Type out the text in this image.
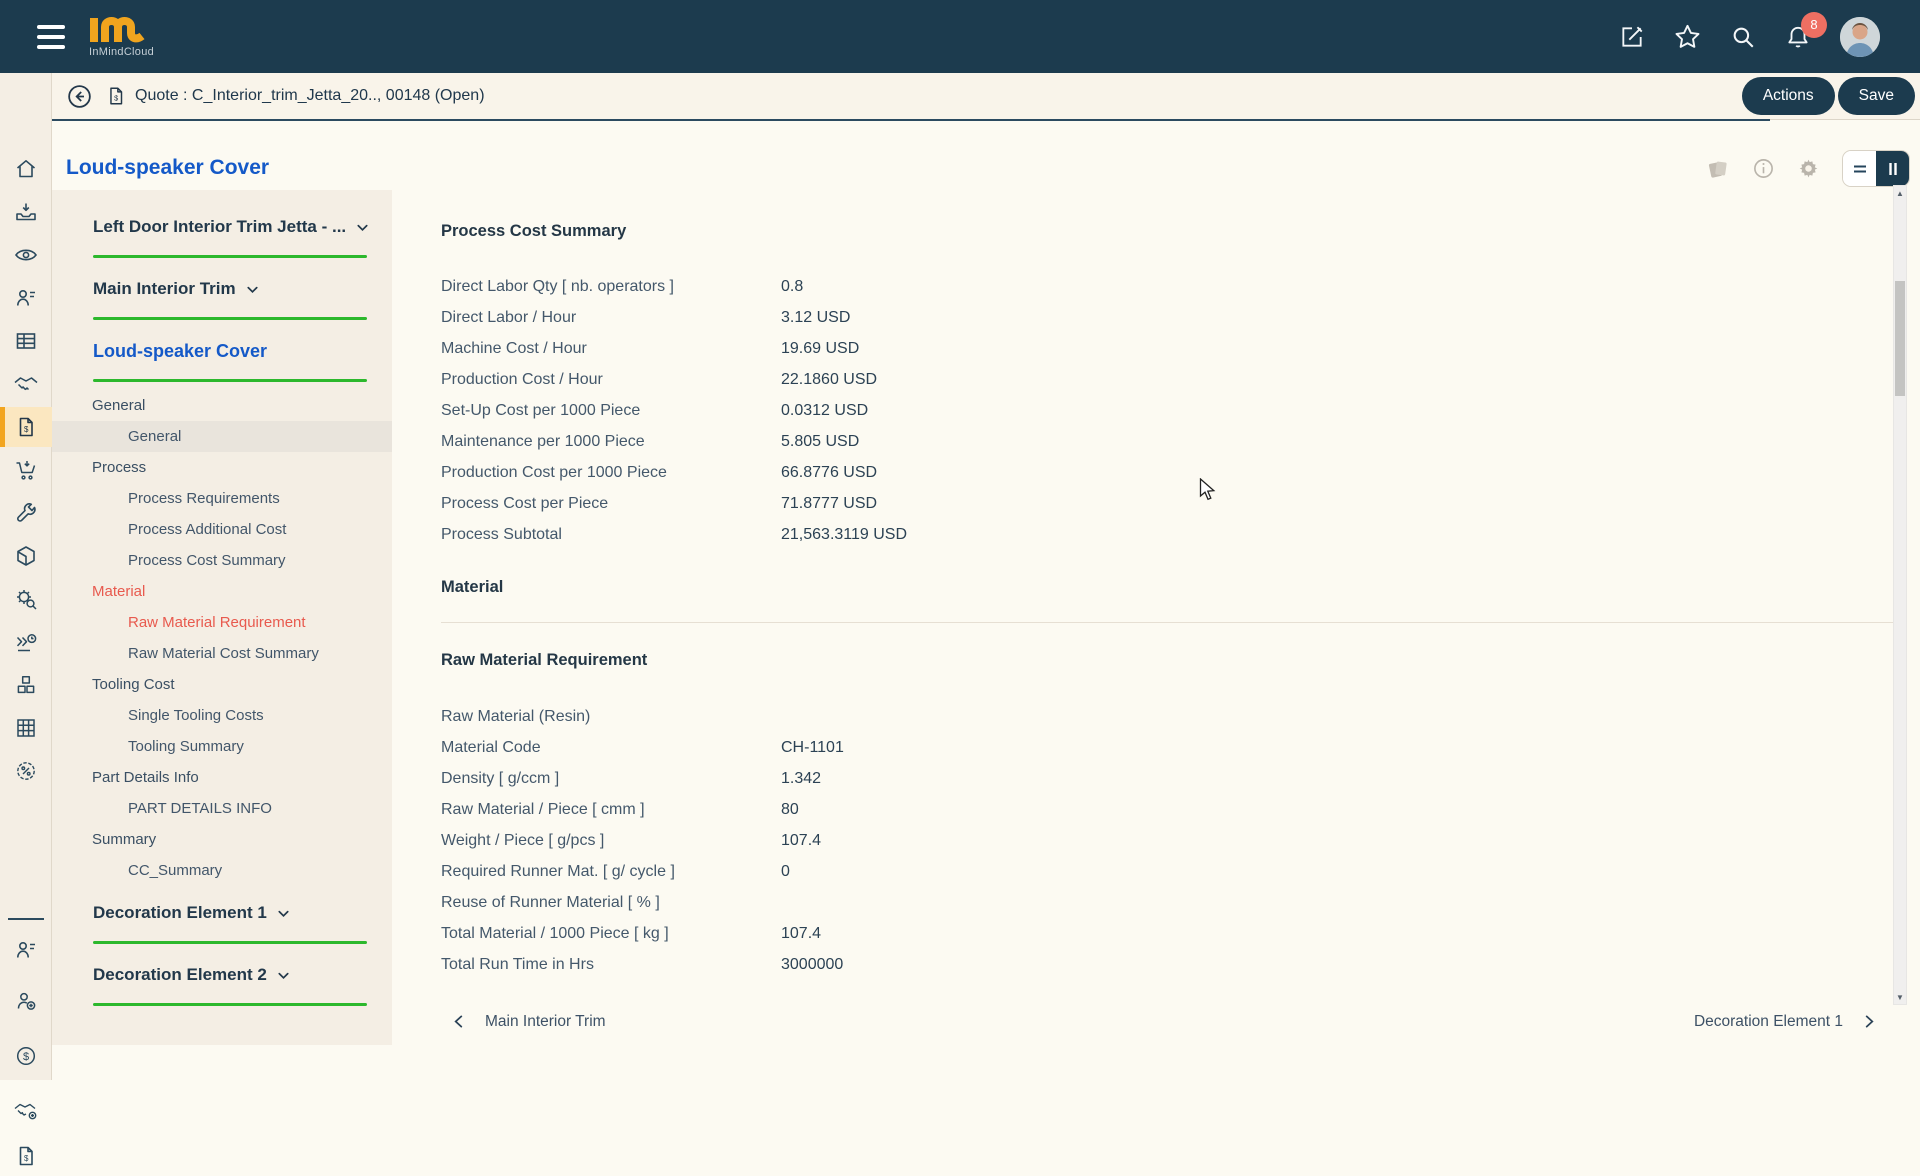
InMindCloud
8
$
$
$
$ Quote : C_Interior_trim_Jetta_20.., 00148 (Open)	Actions	Save
Loud-speaker Cover
Left Door Interior Trim Jetta - ...
Main Interior Trim
Loud-speaker Cover
General
General
Process
Process Requirements
Process Additional Cost
Process Cost Summary
Material
Raw Material Requirement
Raw Material Cost Summary
Tooling Cost
Single Tooling Costs
Tooling Summary
Part Details Info
PART DETAILS INFO
Summary
CC_Summary
Decoration Element 1
Decoration Element 2
Process Cost Summary
Direct Labor Qty [ nb. operators ]	0.8
Direct Labor / Hour	3.12 USD
Machine Cost / Hour	19.69 USD
Production Cost / Hour	22.1860 USD
Set-Up Cost per 1000 Piece	0.0312 USD
Maintenance per 1000 Piece	5.805 USD
Production Cost per 1000 Piece	66.8776 USD
Process Cost per Piece	71.8777 USD
Process Subtotal	21,563.3119 USD
Material
Raw Material Requirement
Raw Material (Resin)
Material Code	CH-1101
Density [ g/ccm ]	1.342
Raw Material / Piece [ cmm ]	80
Weight / Piece [ g/pcs ]	107.4
Required Runner Mat. [ g/ cycle ]	0
Reuse of Runner Material [ % ]
Total Material / 1000 Piece [ kg ]	107.4
Total Run Time in Hrs	3000000
Main Interior Trim	Decoration Element 1
▲
▼
